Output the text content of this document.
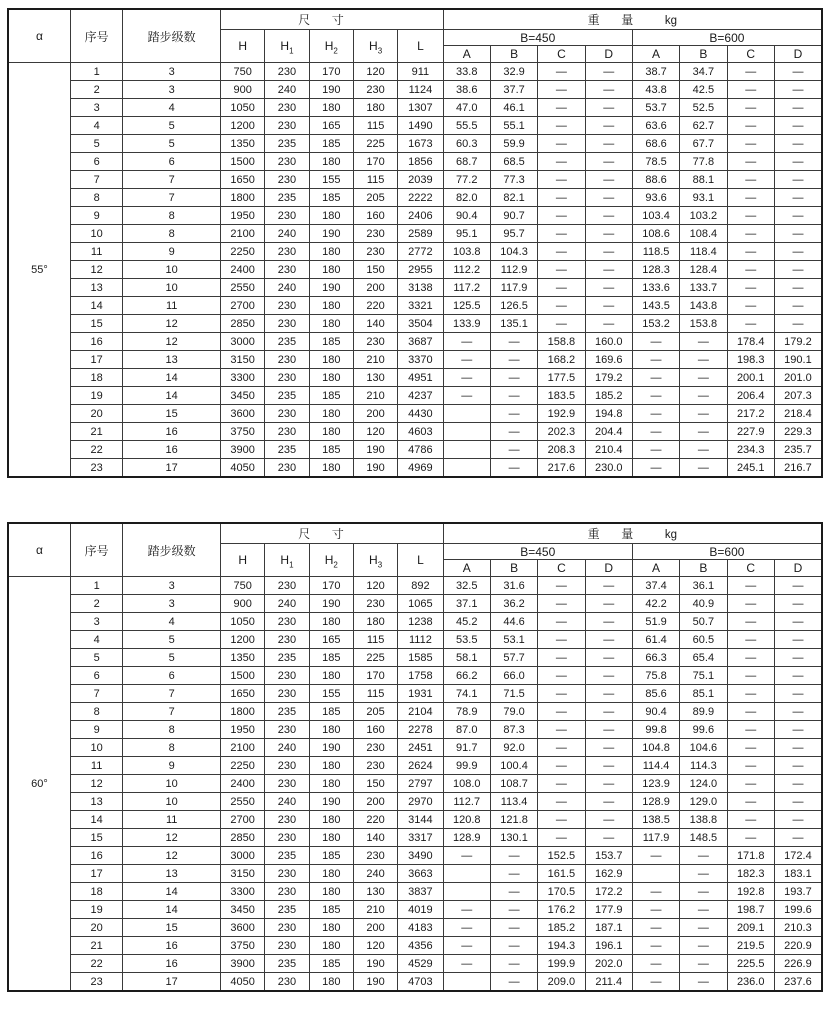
α	序号	踏步级数	尺寸					重量 kg							
			H	$H_1$	$H_2$	$H_3$	L	B=450				B=600			
								A	B	C	D	A	B	C	D
55°	1	3	750	230	170	120	911	33.8	32.9	—	—	38.7	34.7	—	—
	2	3	900	240	190	230	1124	38.6	37.7	—	—	43.8	42.5	—	—
	3	4	1050	230	180	180	1307	47.0	46.1	—	—	53.7	52.5	—	—
	4	5	1200	230	165	115	1490	55.5	55.1	—	—	63.6	62.7	—	—
	5	5	1350	235	185	225	1673	60.3	59.9	—	—	68.6	67.7	—	—
	6	6	1500	230	180	170	1856	68.7	68.5	—	—	78.5	77.8	—	—
	7	7	1650	230	155	115	2039	77.2	77.3	—	—	88.6	88.1	—	—
	8	7	1800	235	185	205	2222	82.0	82.1	—	—	93.6	93.1	—	—
	9	8	1950	230	180	160	2406	90.4	90.7	—	—	103.4	103.2	—	—
	10	8	2100	240	190	230	2589	95.1	95.7	—	—	108.6	108.4	—	—
	11	9	2250	230	180	230	2772	103.8	104.3	—	—	118.5	118.4	—	—
	12	10	2400	230	180	150	2955	112.2	112.9	—	—	128.3	128.4	—	—
	13	10	2550	240	190	200	3138	117.2	117.9	—	—	133.6	133.7	—	—
	14	11	2700	230	180	220	3321	125.5	126.5	—	—	143.5	143.8	—	—
	15	12	2850	230	180	140	3504	133.9	135.1	—	—	153.2	153.8	—	—
	16	12	3000	235	185	230	3687	—	—	158.8	160.0	—	—	178.4	179.2
	17	13	3150	230	180	210	3370	—	—	168.2	169.6	—	—	198.3	190.1
	18	14	3300	230	180	130	4951	—	—	177.5	179.2	—	—	200.1	201.0
	19	14	3450	235	185	210	4237	—	—	183.5	185.2	—	—	206.4	207.3
	20	15	3600	230	180	200	4430		—	192.9	194.8	—	—	217.2	218.4
	21	16	3750	230	180	120	4603		—	202.3	204.4	—	—	227.9	229.3
	22	16	3900	235	185	190	4786		—	208.3	210.4	—	—	234.3	235.7
	23	17	4050	230	180	190	4969		—	217.6	230.0	—	—	245.1	216.7
α	序号	踏步级数	尺寸					重量 kg							
			H	$H_1$	$H_2$	$H_3$	L	B=450				B=600			
								A	B	C	D	A	B	C	D
60°	1	3	750	230	170	120	892	32.5	31.6	—	—	37.4	36.1	—	—
	2	3	900	240	190	230	1065	37.1	36.2	—	—	42.2	40.9	—	—
	3	4	1050	230	180	180	1238	45.2	44.6	—	—	51.9	50.7	—	—
	4	5	1200	230	165	115	1112	53.5	53.1	—	—	61.4	60.5	—	—
	5	5	1350	235	185	225	1585	58.1	57.7	—	—	66.3	65.4	—	—
	6	6	1500	230	180	170	1758	66.2	66.0	—	—	75.8	75.1	—	—
	7	7	1650	230	155	115	1931	74.1	71.5	—	—	85.6	85.1	—	—
	8	7	1800	235	185	205	2104	78.9	79.0	—	—	90.4	89.9	—	—
	9	8	1950	230	180	160	2278	87.0	87.3	—	—	99.8	99.6	—	—
	10	8	2100	240	190	230	2451	91.7	92.0	—	—	104.8	104.6	—	—
	11	9	2250	230	180	230	2624	99.9	100.4	—	—	114.4	114.3	—	—
	12	10	2400	230	180	150	2797	108.0	108.7	—	—	123.9	124.0	—	—
	13	10	2550	240	190	200	2970	112.7	113.4	—	—	128.9	129.0	—	—
	14	11	2700	230	180	220	3144	120.8	121.8	—	—	138.5	138.8	—	—
	15	12	2850	230	180	140	3317	128.9	130.1	—	—	117.9	148.5	—	—
	16	12	3000	235	185	230	3490	—	—	152.5	153.7	—	—	171.8	172.4
	17	13	3150	230	180	240	3663		—	161.5	162.9		—	182.3	183.1
	18	14	3300	230	180	130	3837		—	170.5	172.2	—	—	192.8	193.7
	19	14	3450	235	185	210	4019	—	—	176.2	177.9	—	—	198.7	199.6
	20	15	3600	230	180	200	4183	—	—	185.2	187.1	—	—	209.1	210.3
	21	16	3750	230	180	120	4356	—	—	194.3	196.1	—	—	219.5	220.9
	22	16	3900	235	185	190	4529	—	—	199.9	202.0	—	—	225.5	226.9
	23	17	4050	230	180	190	4703		—	209.0	211.4	—	—	236.0	237.6
